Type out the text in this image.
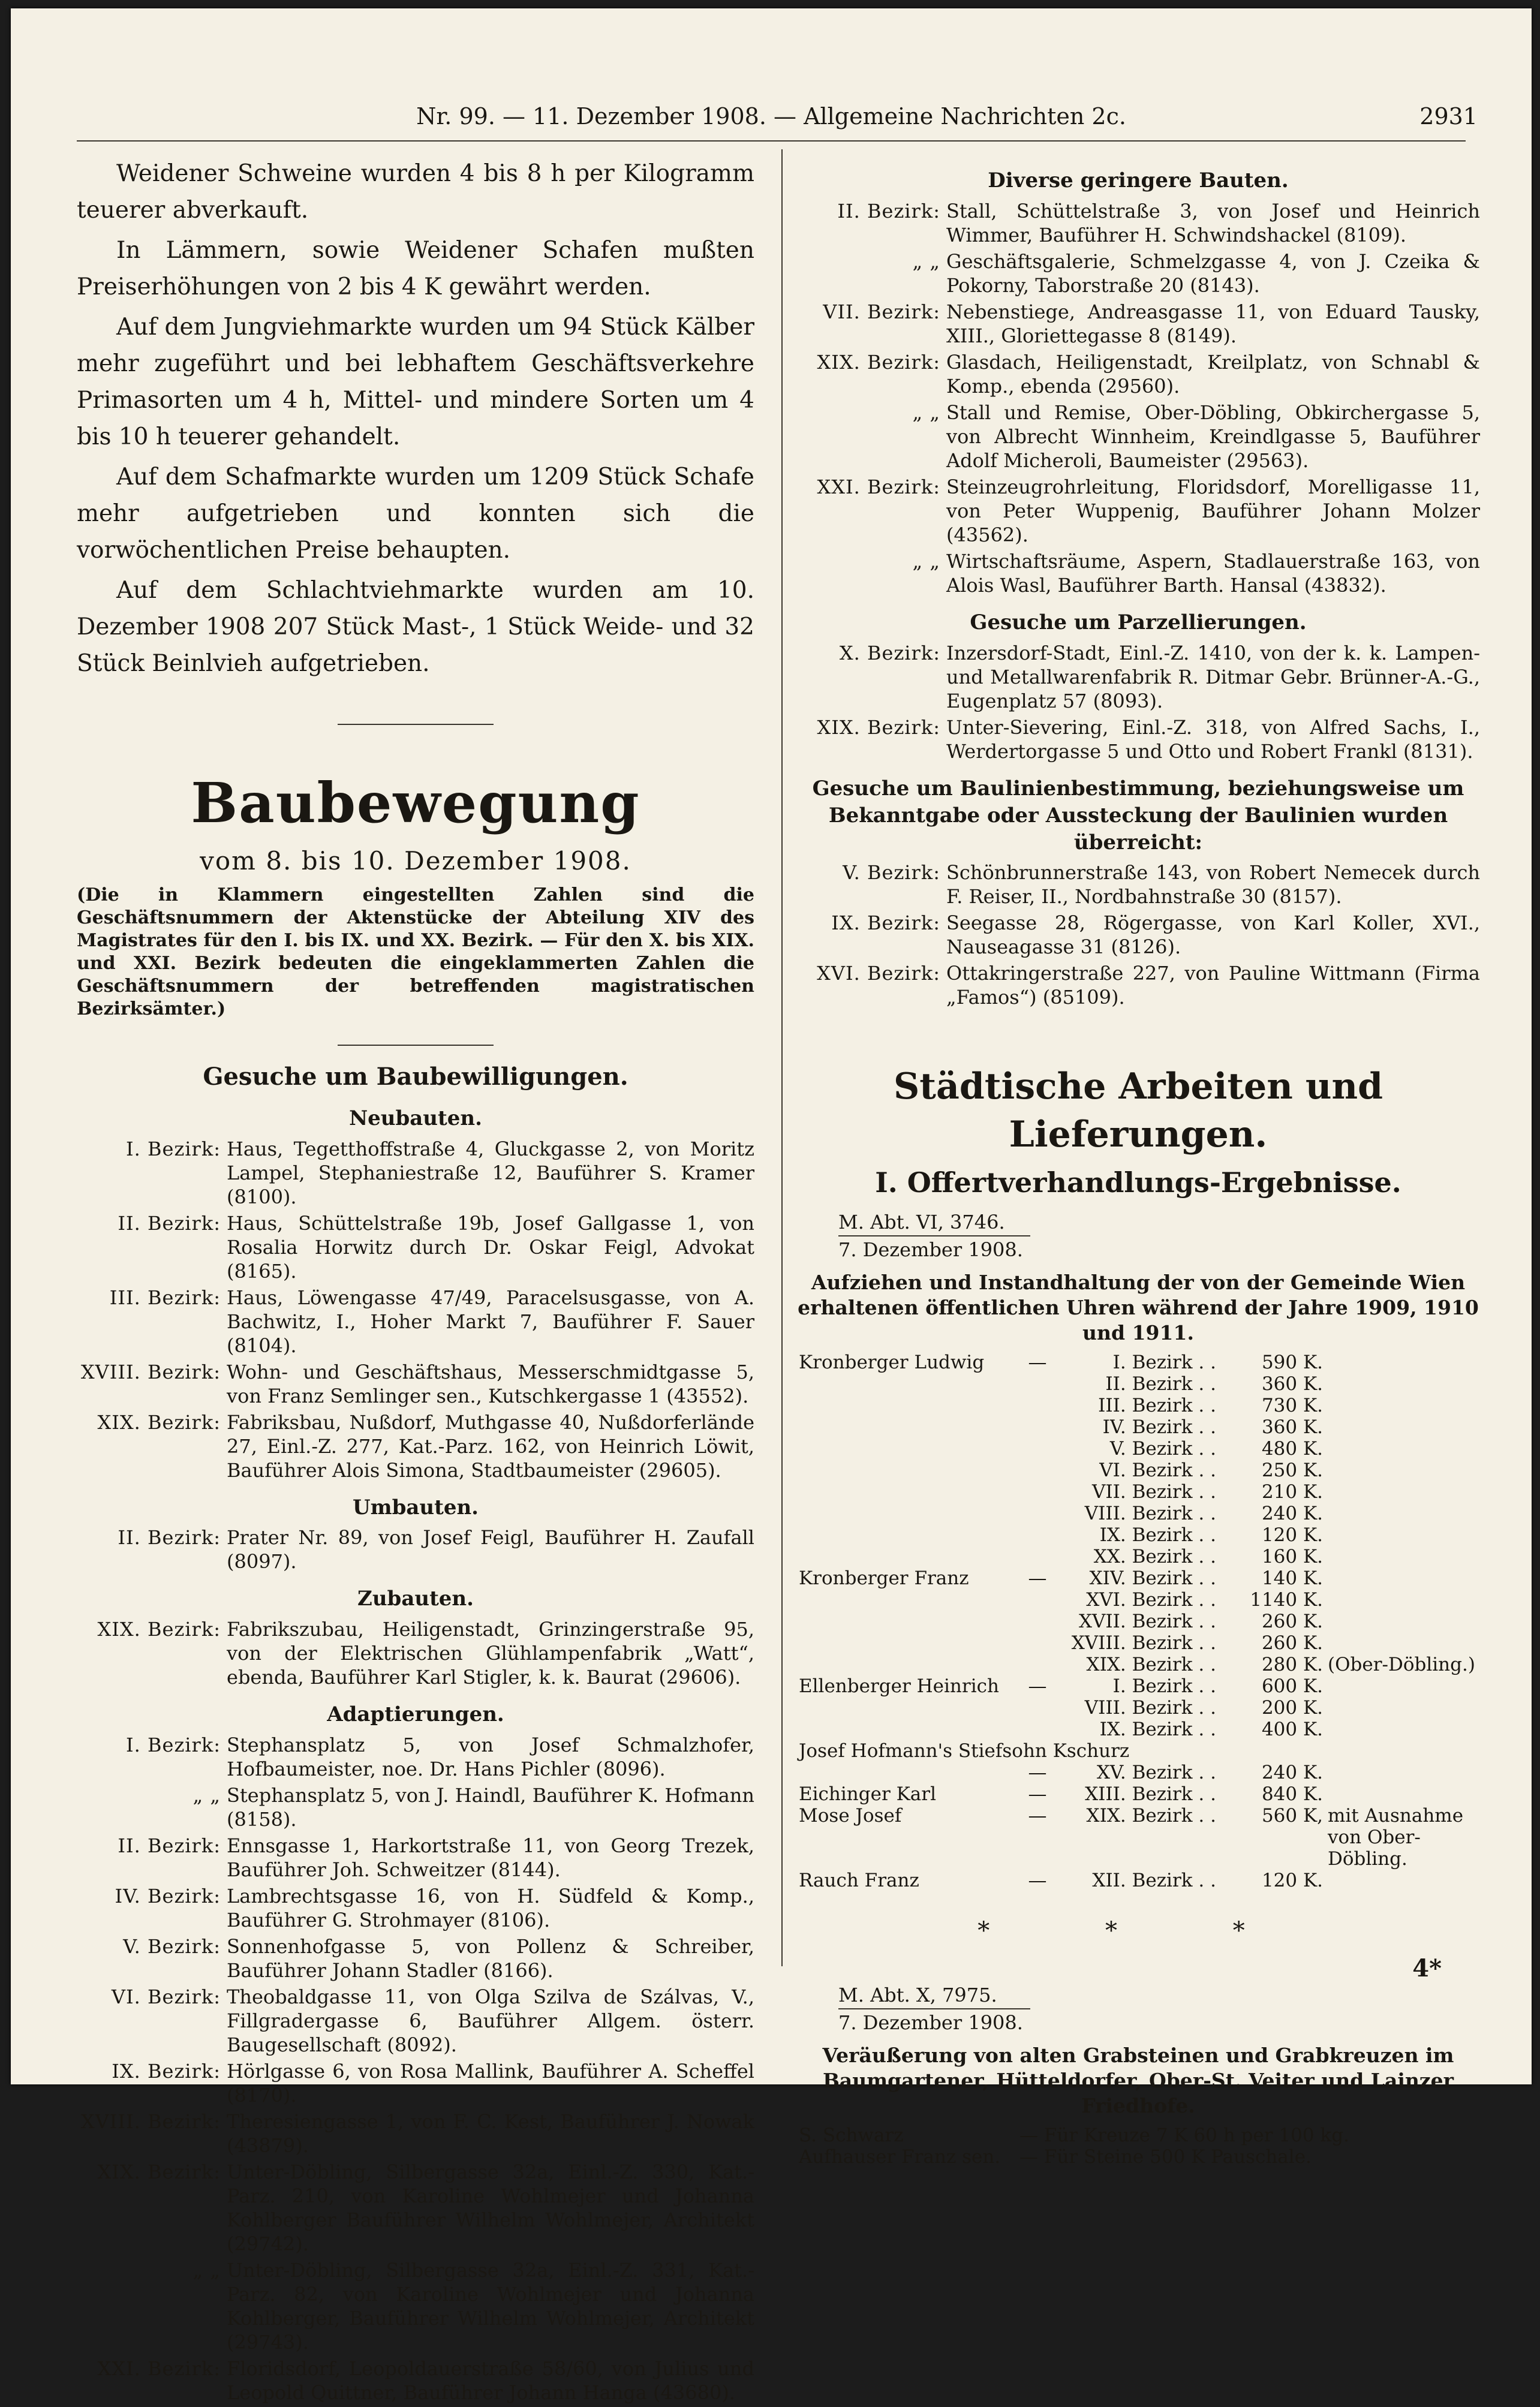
Nr. 99. — 11. Dezember 1908. — Allgemeine Nachrichten 2c.	2931

Weidener Schweine wurden 4 bis 8 h per Kilogramm teuerer abverkauft.

In Lämmern, sowie Weidener Schafen mußten Preiserhöhungen von 2 bis 4 K gewährt werden.

Auf dem Jungviehmarkte wurden um 94 Stück Kälber mehr zugeführt und bei lebhaftem Geschäftsverkehre Primasorten um 4 h, Mittel- und mindere Sorten um 4 bis 10 h teuerer gehandelt.

Auf dem Schafmarkte wurden um 1209 Stück Schafe mehr aufgetrieben und konnten sich die vorwöchentlichen Preise behaupten.

Auf dem Schlachtviehmarkte wurden am 10. Dezember 1908 207 Stück Mast-, 1 Stück Weide- und 32 Stück Beinlvieh aufgetrieben.

Baubewegung
vom 8. bis 10. Dezember 1908.
(Die in Klammern eingestellten Zahlen sind die Geschäftsnummern der Aktenstücke der Abteilung XIV des Magistrates für den I. bis IX. und XX. Bezirk. — Für den X. bis XIX. und XXI. Bezirk bedeuten die eingeklammerten Zahlen die Geschäftsnummern der betreffenden magistratischen Bezirksämter.)
Gesuche um Baubewilligungen.
Neubauten.
I. Bezirk: Haus, Tegetthoffstraße 4, Gluckgasse 2, von Moritz Lampel, Stephaniestraße 12, Bauführer S. Kramer (8100).
II. Bezirk: Haus, Schüttelstraße 19b, Josef Gallgasse 1, von Rosalia Horwitz durch Dr. Oskar Feigl, Advokat (8165).
III. Bezirk: Haus, Löwengasse 47/49, Paracelsusgasse, von A. Bachwitz, I., Hoher Markt 7, Bauführer F. Sauer (8104).
XVIII. Bezirk: Wohn- und Geschäftshaus, Messerschmidtgasse 5, von Franz Semlinger sen., Kutschkergasse 1 (43552).
XIX. Bezirk: Fabriksbau, Nußdorf, Muthgasse 40, Nußdorferlände 27, Einl.-Z. 277, Kat.-Parz. 162, von Heinrich Löwit, Bauführer Alois Simona, Stadtbaumeister (29605).
Umbauten.
II. Bezirk: Prater Nr. 89, von Josef Feigl, Bauführer H. Zaufall (8097).
Zubauten.
XIX. Bezirk: Fabrikszubau, Heiligenstadt, Grinzingerstraße 95, von der Elektrischen Glühlampenfabrik „Watt“, ebenda, Bauführer Karl Stigler, k. k. Baurat (29606).
Adaptierungen.
I. Bezirk: Stephansplatz 5, von Josef Schmalzhofer, Hofbaumeister, noe. Dr. Hans Pichler (8096).
„ „ Stephansplatz 5, von J. Haindl, Bauführer K. Hofmann (8158).
II. Bezirk: Ennsgasse 1, Harkortstraße 11, von Georg Trezek, Bauführer Joh. Schweitzer (8144).
IV. Bezirk: Lambrechtsgasse 16, von H. Südfeld & Komp., Bauführer G. Strohmayer (8106).
V. Bezirk: Sonnenhofgasse 5, von Pollenz & Schreiber, Bauführer Johann Stadler (8166).
VI. Bezirk: Theobaldgasse 11, von Olga Szilva de Szálvas, V., Fillgradergasse 6, Bauführer Allgem. österr. Baugesellschaft (8092).
IX. Bezirk: Hörlgasse 6, von Rosa Mallink, Bauführer A. Scheffel (8170).
XVIII. Bezirk: Theresiengasse 1, von F. C. Kest, Bauführer J. Nowak (43879).
XIX. Bezirk: Unter-Döbling, Silbergasse 32a, Einl.-Z. 330, Kat.-Parz. 210, von Karoline Wohlmejer und Johanna Kohlberger Bauführer Wilhelm Wohlmejer, Architekt (29742).
„ „ Unter-Döbling, Silbergasse 32a, Einl.-Z. 331, Kat.-Parz. 82, von Karoline Wohlmejer und Johanna Kohlberger, Bauführer Wilhelm Wohlmejer, Architekt (29743).
XXI. Bezirk: Floridsdorf, Leopoldauerstraße 58/60, von Julius und Leopold Quittner, Bauführer Johann Hanga (43680).
Diverse geringere Bauten.
II. Bezirk: Stall, Schüttelstraße 3, von Josef und Heinrich Wimmer, Bauführer H. Schwindshackel (8109).
„ „ Geschäftsgalerie, Schmelzgasse 4, von J. Czeika & Pokorny, Taborstraße 20 (8143).
VII. Bezirk: Nebenstiege, Andreasgasse 11, von Eduard Tausky, XIII., Gloriettegasse 8 (8149).
XIX. Bezirk: Glasdach, Heiligenstadt, Kreilplatz, von Schnabl & Komp., ebenda (29560).
„ „ Stall und Remise, Ober-Döbling, Obkirchergasse 5, von Albrecht Winnheim, Kreindlgasse 5, Bauführer Adolf Micheroli, Baumeister (29563).
XXI. Bezirk: Steinzeugrohrleitung, Floridsdorf, Morelligasse 11, von Peter Wuppenig, Bauführer Johann Molzer (43562).
„ „ Wirtschaftsräume, Aspern, Stadlauerstraße 163, von Alois Wasl, Bauführer Barth. Hansal (43832).
Gesuche um Parzellierungen.
X. Bezirk: Inzersdorf-Stadt, Einl.-Z. 1410, von der k. k. Lampen- und Metallwarenfabrik R. Ditmar Gebr. Brünner-A.-G., Eugenplatz 57 (8093).
XIX. Bezirk: Unter-Sievering, Einl.-Z. 318, von Alfred Sachs, I., Werdertorgasse 5 und Otto und Robert Frankl (8131).
Gesuche um Baulinienbestimmung, beziehungsweise um Bekanntgabe oder Aussteckung der Baulinien wurden überreicht:
V. Bezirk: Schönbrunnerstraße 143, von Robert Nemecek durch F. Reiser, II., Nordbahnstraße 30 (8157).
IX. Bezirk: Seegasse 28, Rögergasse, von Karl Koller, XVI., Nauseagasse 31 (8126).
XVI. Bezirk: Ottakringerstraße 227, von Pauline Wittmann (Firma „Famos“) (85109).
Städtische Arbeiten und Lieferungen.
I. Offertverhandlungs-Ergebnisse.
M. Abt. VI, 3746.
7. Dezember 1908.
Aufziehen und Instandhaltung der von der Gemeinde Wien erhaltenen öffentlichen Uhren während der Jahre 1909, 1910 und 1911.
Kronberger Ludwig	—	I. Bezirk . .	590 K.	
		II. Bezirk . .	360 K.	
		III. Bezirk . .	730 K.	
		IV. Bezirk . .	360 K.	
		V. Bezirk . .	480 K.	
		VI. Bezirk . .	250 K.	
		VII. Bezirk . .	210 K.	
		VIII. Bezirk . .	240 K.	
		IX. Bezirk . .	120 K.	
		XX. Bezirk . .	160 K.	
Kronberger Franz	—	XIV. Bezirk . .	140 K.	
		XVI. Bezirk . .	1140 K.	
		XVII. Bezirk . .	260 K.	
		XVIII. Bezirk . .	260 K.	
		XIX. Bezirk . .	280 K.	(Ober-Döbling.)
Ellenberger Heinrich	—	I. Bezirk . .	600 K.	
		VIII. Bezirk . .	200 K.	
		IX. Bezirk . .	400 K.	
Josef Hofmann's Stiefsohn Kschurz				
	—	XV. Bezirk . .	240 K.	
Eichinger Karl	—	XIII. Bezirk . .	840 K.	
Mose Josef	—	XIX. Bezirk . .	560 K,	mit Ausnahme von Ober-Döbling.
Rauch Franz	—	XII. Bezirk . .	120 K.	
* * *
M. Abt. X, 7975.
7. Dezember 1908.
Veräußerung von alten Grabsteinen und Grabkreuzen im Baumgartener, Hütteldorfer, Ober-St. Veiter und Lainzer Friedhofe.
S. Schwarz	— Für Kreuze 7 K 60 h per 100 kg.
Aufhauser Franz sen.	— Für Steine 500 K Pauschale.
4*
